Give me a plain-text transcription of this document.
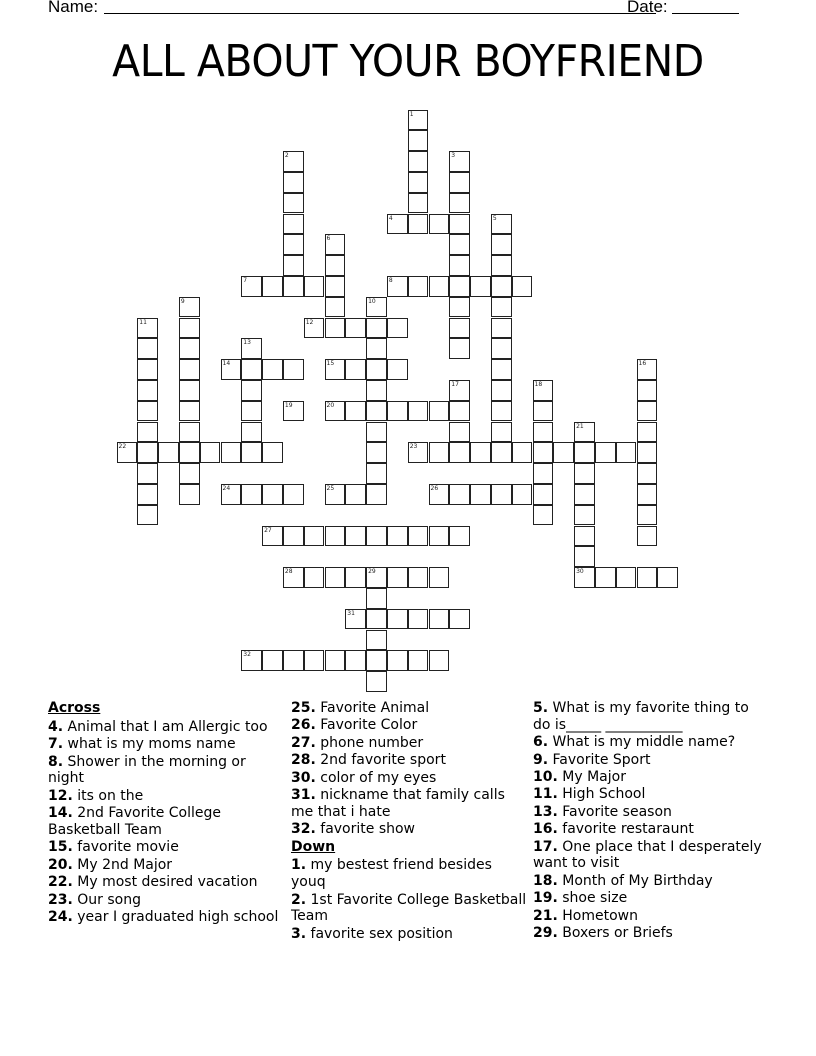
Name:	Date:
ALL ABOUT YOUR BOYFRIEND
1
2	3
4	5
6
7	8
9	10
11	12
13
14	15	16
17	18
19	20
21
30
22	23
24	25	26
27
28	29
31
32
Across
4. Animal that I am Allergic too
7. what is my moms name
8. Shower in the morning or night
12. its on the
14. 2nd Favorite College Basketball Team
15. favorite movie
20. My 2nd Major
22. My most desired vacation
23. Our song
24. year I graduated high school
25. Favorite Animal
26. Favorite Color
27. phone number
28. 2nd favorite sport
30. color of my eyes
31. nickname that family calls me that i hate
32. favorite show
Down
1. my bestest friend besides youq
2. 1st Favorite College Basketball Team
3. favorite sex position
5. What is my favorite thing to do is_____ ___________
6. What is my middle name?
9. Favorite Sport
10. My Major
11. High School
13. Favorite season
16. favorite restaraunt
17. One place that I desperately want to visit
18. Month of My Birthday
19. shoe size
21. Hometown
29. Boxers or Briefs
